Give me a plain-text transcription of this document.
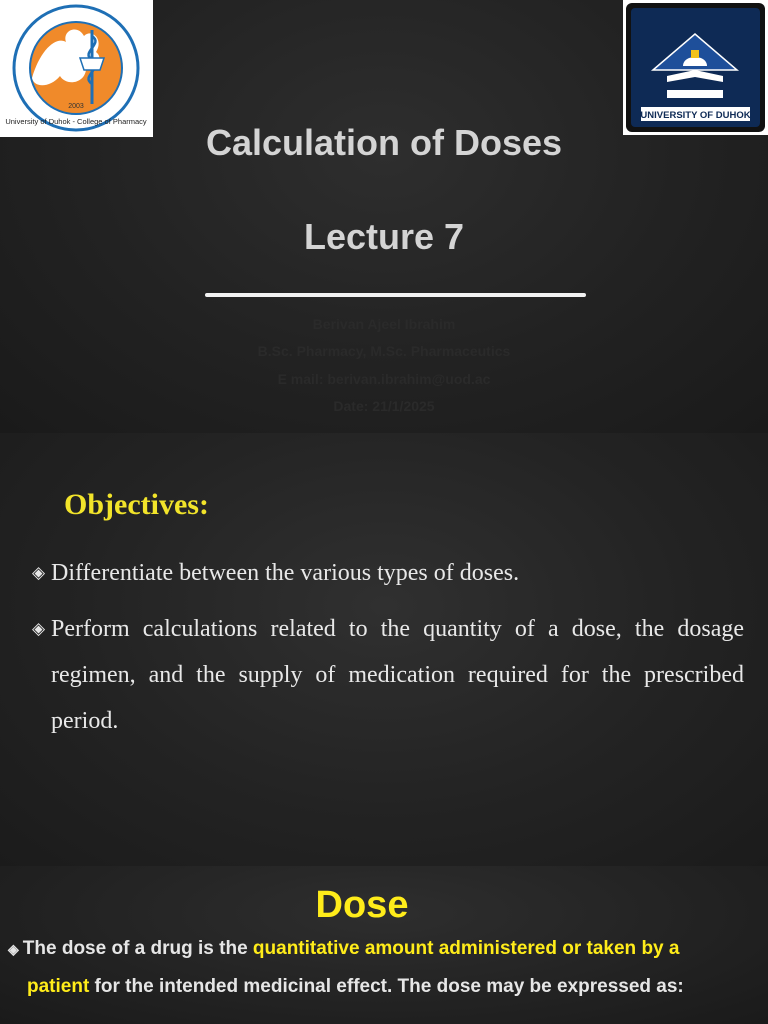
2003
University of Duhok - College of Pharmacy
UNIVERSITY OF DUHOK
Calculation of Doses
Lecture 7
Berivan Ajeel Ibrahim
B.Sc. Pharmacy, M.Sc. Pharmaceutics
E mail: berivan.ibrahim@uod.ac
Date: 21/1/2025
Objectives:
◈ Differentiate between the various types of doses.
◈ Perform calculations related to the quantity of a dose, the dosage regimen, and the supply of medication required for the prescribed period.
Dose
◈ The dose of a drug is the quantitative amount administered or taken by a
patient for the intended medicinal effect. The dose may be expressed as:
